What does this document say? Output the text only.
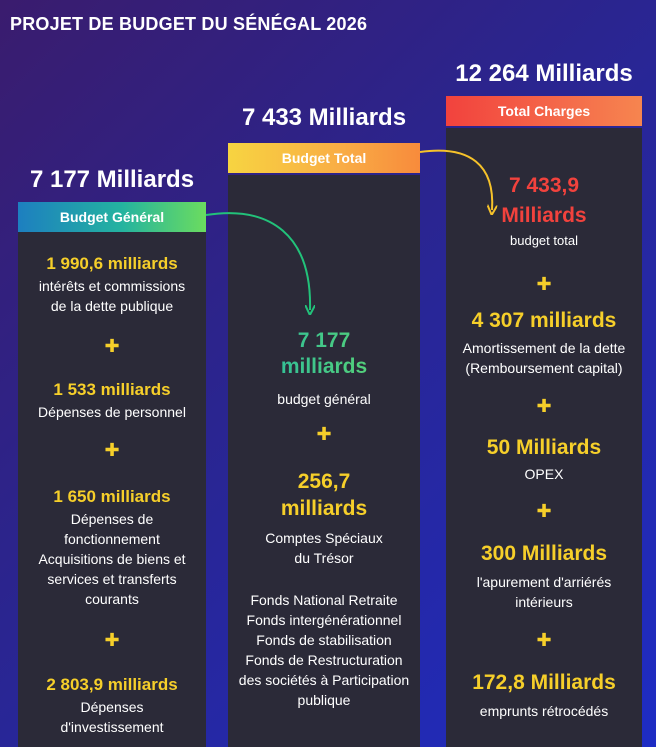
PROJET DE BUDGET DU SÉNÉGAL 2026
7 177 Milliards
7 433 Milliards
12 264 Milliards
Budget Général
Budget Total
Total Charges
1 990,6 milliards
intérêts et commissions
de la dette publique
✚
1 533 milliards
Dépenses de personnel
✚
1 650 milliards
Dépenses de
fonctionnement
Acquisitions de biens et
services et transferts
courants
✚
2 803,9 milliards
Dépenses
d'investissement
7 177
milliards
budget général
✚
256,7
milliards
Comptes Spéciaux
du Trésor
Fonds National Retraite
Fonds intergénérationnel
Fonds de stabilisation
Fonds de Restructuration
des sociétés à Participation
publique
7 433,9
Milliards
budget total
✚
4 307 milliards
Amortissement de la dette
(Remboursement capital)
✚
50 Milliards
OPEX
✚
300 Milliards
l'apurement d'arriérés
intérieurs
✚
172,8 Milliards
emprunts rétrocédés
